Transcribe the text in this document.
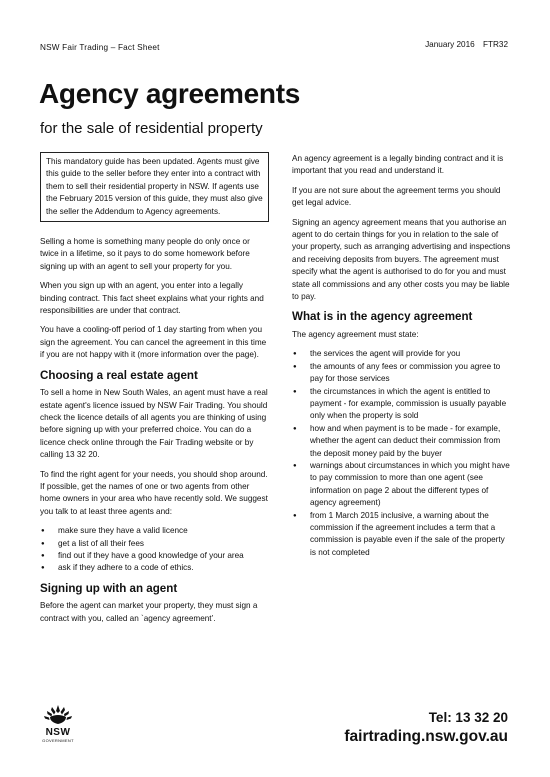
NSW Fair Trading – Fact Sheet	January 2016 FTR32
Agency agreements
for the sale of residential property

This mandatory guide has been updated. Agents must give this guide to the seller before they enter into a contract with them to sell their residential property in NSW. If agents use the February 2015 version of this guide, they must also give the seller the Addendum to Agency agreements.

Selling a home is something many people do only once or twice in a lifetime, so it pays to do some homework before signing up with an agent to sell your property for you.

When you sign up with an agent, you enter into a legally binding contract. This fact sheet explains what your rights and responsibilities are under that contract.

You have a cooling-off period of 1 day starting from when you sign the agreement. You can cancel the agreement in this time if you are not happy with it (more information over the page).

Choosing a real estate agent

To sell a home in New South Wales, an agent must have a real estate agent's licence issued by NSW Fair Trading. You should check the licence details of all agents you are thinking of using before signing up with your preferred choice. You can do a licence check online through the Fair Trading website or by calling 13 32 20.

To find the right agent for your needs, you should shop around. If possible, get the names of one or two agents from other home owners in your area who have recently sold. We suggest you talk to at least three agents and:

● make sure they have a valid licence
● get a list of all their fees
● find out if they have a good knowledge of your area
● ask if they adhere to a code of ethics.
Signing up with an agent

Before the agent can market your property, they must sign a contract with you, called an `agency agreement’.

An agency agreement is a legally binding contract and it is important that you read and understand it.

If you are not sure about the agreement terms you should get legal advice.

Signing an agency agreement means that you authorise an agent to do certain things for you in relation to the sale of your property, such as arranging advertising and inspections and receiving deposits from buyers. The agreement must specify what the agent is authorised to do for you and must state all commissions and any other costs you may be liable to pay.

What is in the agency agreement

The agency agreement must state:

● the services the agent will provide for you
● the amounts of any fees or commission you agree to pay for those services
● the circumstances in which the agent is entitled to payment - for example, commission is usually payable only when the property is sold
● how and when payment is to be made - for example, whether the agent can deduct their commission from the deposit money paid by the buyer
● warnings about circumstances in which you might have to pay commission to more than one agent (see information on page 2 about the different types of agency agreement)
● from 1 March 2015 inclusive, a warning about the commission if the agreement includes a term that a commission is payable even if the sale of the property is not completed
NSW
GOVERNMENT
Tel: 13 32 20
fairtrading.nsw.gov.au
